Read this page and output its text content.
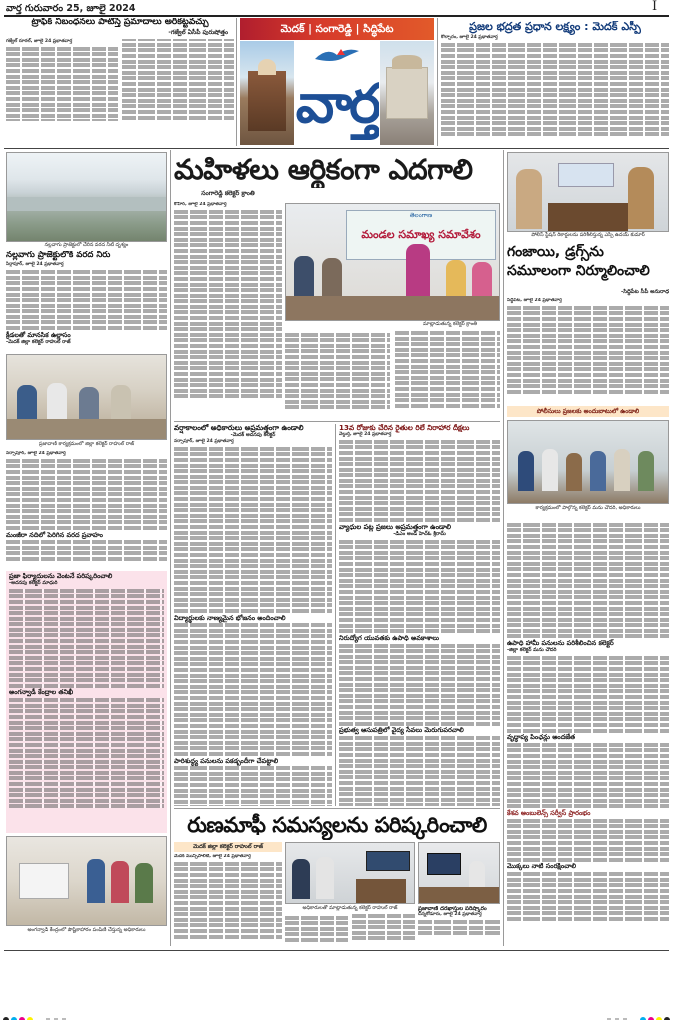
వార్త గురువారం 25, జూలై 2024	I
ట్రాఫిక్ నిబంధనలు పాటిస్తే ప్రమాదాలు అరికట్టవచ్చు
-గజ్వేల్ ఏసీపీ పురుషోత్తం
గజ్వేల్ రూరల్, జూలై 24 ప్రభాతవార్త
మెదక్ | సంగారెడ్డి | సిద్ధిపేట
వార్త
ప్రజల భద్రత ప్రధాన లక్ష్యం : మెదక్ ఎస్పీ
కొల్చారం, జూలై 24 ప్రభాతవార్త
నల్లవాగు ప్రాజెక్టులో చేరిన వరద నీటి దృశ్యం
నల్లవాగు ప్రాజెక్టులోకి వరద నీరు
సిర్గాపూర్, జూలై 24 ప్రభాతవార్త
క్రీడలతో మానసిక ఉల్లాసం
-మెదక్ జిల్లా కలెక్టర్ రాహుల్ రాజ్
ప్రజావాణి కార్యక్రమంలో జిల్లా కలెక్టర్ రాహుల్ రాజ్
నర్సాపూర్, జూలై 24 ప్రభాతవార్త
మంజీరా నదిలో పెరిగిన వరద ప్రవాహం
ప్రజా ఫిర్యాదులను వెంటనే పరిష్కరించాలి
-అదనపు కలెక్టర్ మాధురి
అంగన్వాడీ కేంద్రాల తనిఖీ
అంగన్వాడీ కేంద్రంలో పౌష్టికాహారం పంపిణీ చేస్తున్న అధికారులు
మహిళలు ఆర్థికంగా ఎదగాలి
సంగారెడ్డి కలెక్టర్ క్రాంతి
కోహీర్, జూలై 24 ప్రభాతవార్త
తెలంగాణ
మండల సమాఖ్య సమావేశం
మాట్లాడుతున్న కలెక్టర్ క్రాంతి
పోలీస్ స్టేషన్ రికార్డులను పరిశీలిస్తున్న ఎస్పీ ఉదయ్ కుమార్
గంజాయి, డ్రగ్స్‌ను సమూలంగా నిర్మూలించాలి
-సిద్దిపేట సీపీ అనురాధ
సిద్ధిపేట, జూలై 24 ప్రభాతవార్త
పోలీసులు ప్రజలకు అందుబాటులో ఉండాలి
కార్యక్రమంలో పాల్గొన్న కలెక్టర్ మను చౌదరి, అధికారులు
ఉపాధి హామీ పనులను పరిశీలించిన కలెక్టర్
-జిల్లా కలెక్టర్ మను చౌదరి
వృద్ధాప్య పింఛన్లు అందజేత
కేశవ అంబులెన్స్ సర్వీస్ ప్రారంభం
మొక్కలు నాటి సంరక్షించాలి
వర్షాకాలంలో అధికారులు అప్రమత్తంగా ఉండాలి
-మెదక్ అదనపు కలెక్టర్
నర్సాపూర్, జూలై 24 ప్రభాతవార్త
విద్యార్థులకు నాణ్యమైన భోజనం అందించాలి
పారిశుద్ధ్య పనులను పకడ్బందీగా చేపట్టాలి
13వ రోజుకు చేరిన రైతుల రిలే నిరాహార దీక్షలు
వెల్దుర్తి, జూలై 24 ప్రభాతవార్త
వ్యాధుల పట్ల ప్రజలు అప్రమత్తంగా ఉండాలి
-డిఎం అండ్ హెచ్ఓ శ్రీరామ్
నిరుద్యోగ యువతకు ఉపాధి అవకాశాలు
ప్రభుత్వ ఆసుపత్రిలో వైద్య సేవలు మెరుగుపరచాలి
రుణమాఫీ సమస్యలను పరిష్కరించాలి
మెదక్ జిల్లా కలెక్టర్ రాహుల్ రాజ్
మెదక్ మున్సిపాలిటీ, జూలై 24 ప్రభాతవార్త
అధికారులతో మాట్లాడుతున్న కలెక్టర్ రాహుల్ రాజ్	ప్రజావాణి దరఖాస్తుల పరిష్కారం
చిన్నకోడూరు, జూలై 24 ప్రభాతవార్త
